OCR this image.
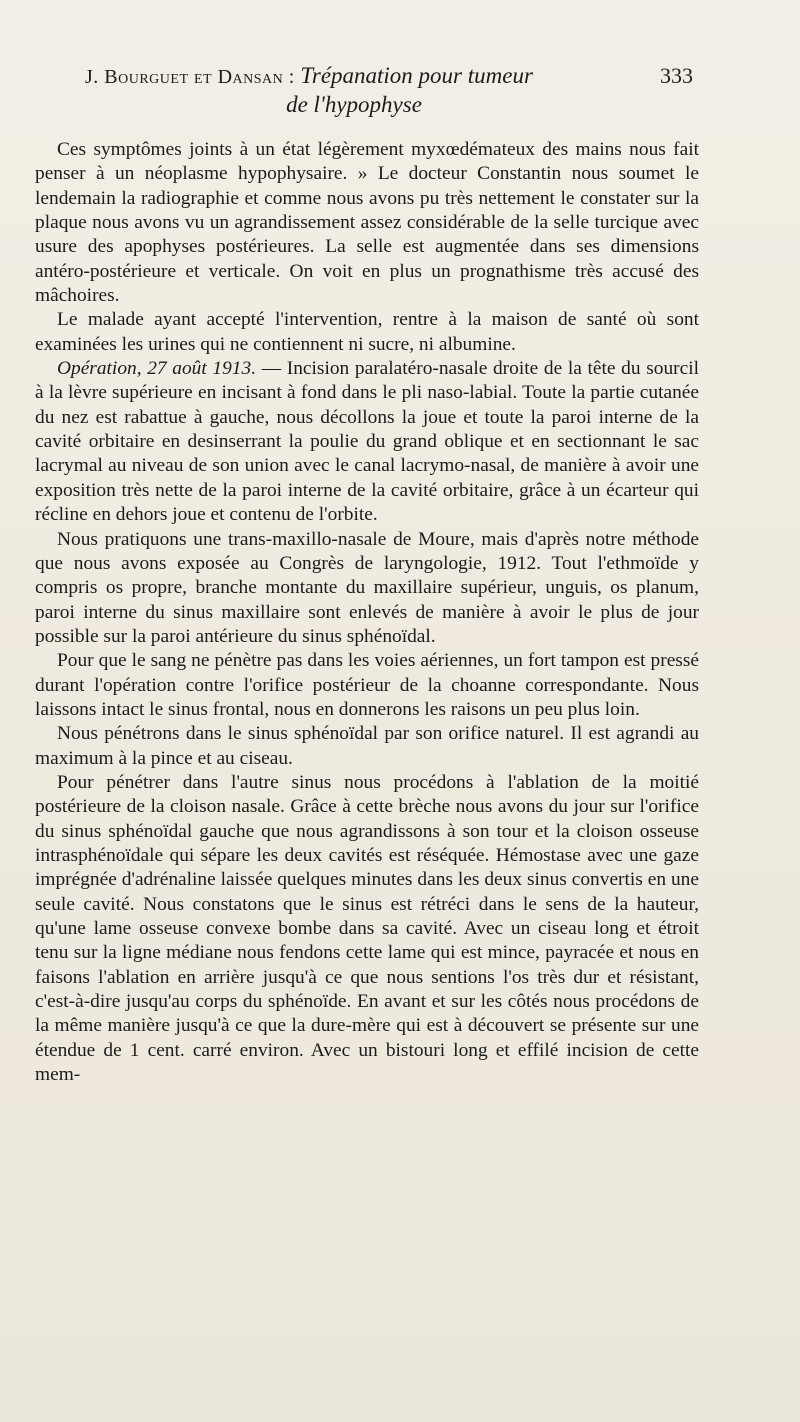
J. Bourguet et Dansan : Trépanation pour tumeur	333
de l'hypophyse

Ces symptômes joints à un état légèrement myxœdémateux des mains nous fait penser à un néoplasme hypophysaire. » Le docteur Constantin nous soumet le lendemain la radiographie et comme nous avons pu très nettement le constater sur la plaque nous avons vu un agrandissement assez considérable de la selle turcique avec usure des apophyses postérieures. La selle est augmentée dans ses dimensions antéro-postérieure et verticale. On voit en plus un prognathisme très accusé des mâchoires.

Le malade ayant accepté l'intervention, rentre à la maison de santé où sont examinées les urines qui ne contiennent ni sucre, ni albumine.

Opération, 27 août 1913. — Incision paralatéro-nasale droite de la tête du sourcil à la lèvre supérieure en incisant à fond dans le pli naso-labial. Toute la partie cutanée du nez est rabattue à gauche, nous décollons la joue et toute la paroi interne de la cavité orbitaire en desinserrant la poulie du grand oblique et en sectionnant le sac lacrymal au niveau de son union avec le canal lacrymo-nasal, de manière à avoir une exposition très nette de la paroi interne de la cavité orbitaire, grâce à un écarteur qui récline en dehors joue et contenu de l'orbite.

Nous pratiquons une trans-maxillo-nasale de Moure, mais d'après notre méthode que nous avons exposée au Congrès de laryngologie, 1912. Tout l'ethmoïde y compris os propre, branche montante du maxillaire supérieur, unguis, os planum, paroi interne du sinus maxillaire sont enlevés de manière à avoir le plus de jour possible sur la paroi antérieure du sinus sphénoïdal.

Pour que le sang ne pénètre pas dans les voies aériennes, un fort tampon est pressé durant l'opération contre l'orifice postérieur de la choanne correspondante. Nous laissons intact le sinus frontal, nous en donnerons les raisons un peu plus loin.

Nous pénétrons dans le sinus sphénoïdal par son orifice naturel. Il est agrandi au maximum à la pince et au ciseau.

Pour pénétrer dans l'autre sinus nous procédons à l'ablation de la moitié postérieure de la cloison nasale. Grâce à cette brèche nous avons du jour sur l'orifice du sinus sphénoïdal gauche que nous agrandissons à son tour et la cloison osseuse intrasphénoïdale qui sépare les deux cavités est réséquée. Hémostase avec une gaze imprégnée d'adrénaline laissée quelques minutes dans les deux sinus convertis en une seule cavité. Nous constatons que le sinus est rétréci dans le sens de la hauteur, qu'une lame osseuse convexe bombe dans sa cavité. Avec un ciseau long et étroit tenu sur la ligne médiane nous fendons cette lame qui est mince, payracée et nous en faisons l'ablation en arrière jusqu'à ce que nous sentions l'os très dur et résistant, c'est-à-dire jusqu'au corps du sphénoïde. En avant et sur les côtés nous procédons de la même manière jusqu'à ce que la dure-mère qui est à découvert se présente sur une étendue de 1 cent. carré environ. Avec un bistouri long et effilé incision de cette mem-
